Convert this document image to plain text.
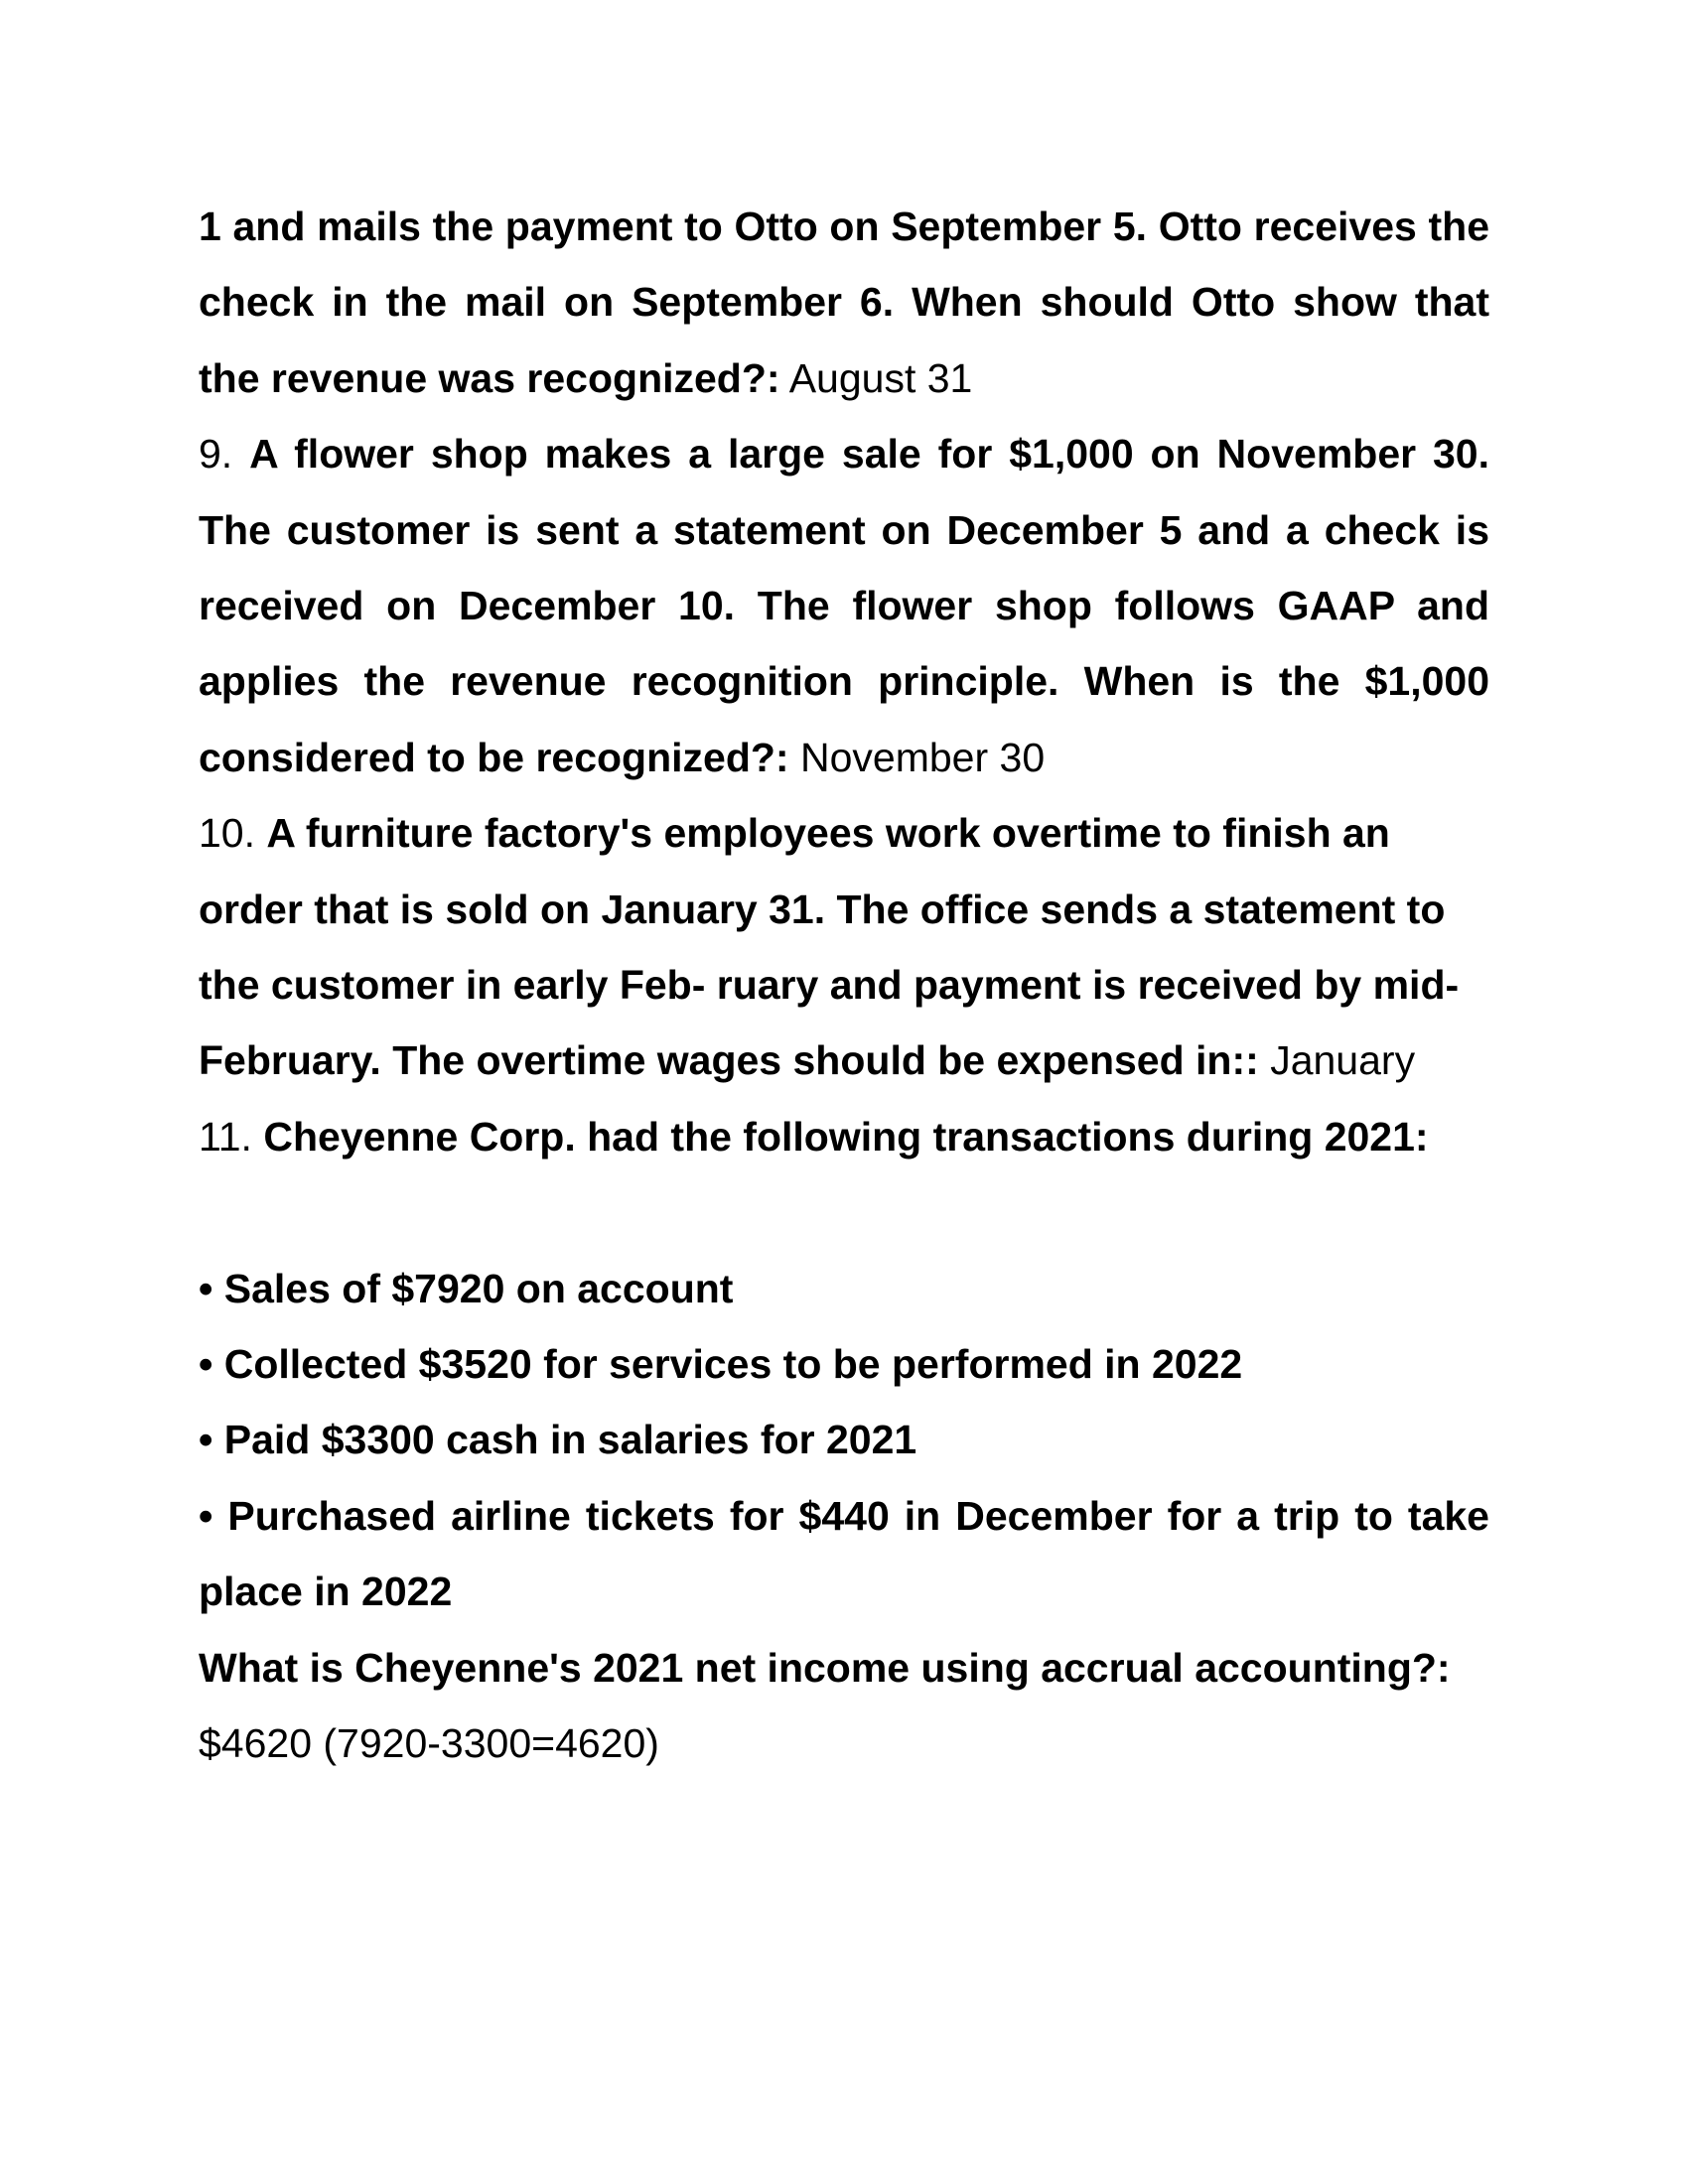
1 and mails the payment to Otto on September 5. Otto receives the check in the mail on September 6. When should Otto show that the revenue was recognized?: August 31

9. A flower shop makes a large sale for $1,000 on November 30. The customer is sent a statement on December 5 and a check is received on December 10. The flower shop follows GAAP and applies the revenue recognition principle. When is the $1,000 considered to be recognized?: November 30

10. A furniture factory's employees work overtime to finish an order that is sold on January 31. The office sends a statement to the customer in early Feb- ruary and payment is received by mid-February. The overtime wages should be expensed in:: January

11. Cheyenne Corp. had the following transactions during 2021:

• Sales of $7920 on account

• Collected $3520 for services to be performed in 2022

• Paid $3300 cash in salaries for 2021

• Purchased airline tickets for $440 in December for a trip to take place in 2022

What is Cheyenne's 2021 net income using accrual accounting?: $4620 (7920-3300=4620)
